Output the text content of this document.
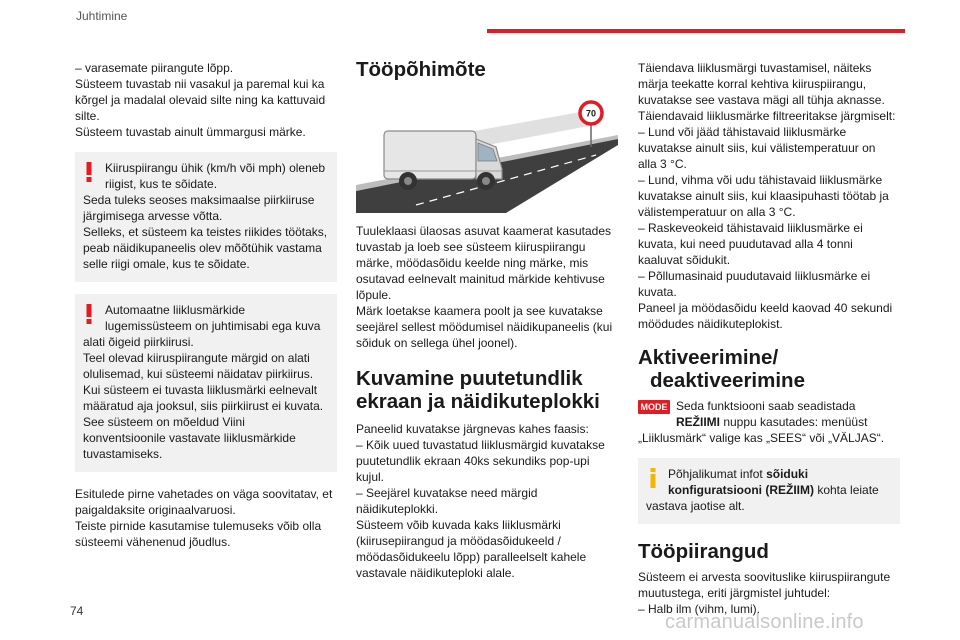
Juhtimine

– varasemate piirangute lõpp.

Süsteem tuvastab nii vasakul ja paremal kui ka

kõrgel ja madalal olevaid silte ning ka kattuvaid

silte.

Süsteem tuvastab ainult ümmargusi märke.

Kiiruspiirangu ühik (km/h või mph) oleneb

riigist, kus te sõidate.

Seda tuleks seoses maksimaalse piirkiiruse

järgimisega arvesse võtta.

Selleks, et süsteem ka teistes riikides töötaks,

peab näidikupaneelis olev mõõtühik vastama

selle riigi omale, kus te sõidate.

Automaatne liiklusmärkide

lugemissüsteem on juhtimisabi ega kuva

alati õigeid piirkiirusi.

Teel olevad kiiruspiirangute märgid on alati

olulisemad, kui süsteemi näidatav piirkiirus.

Kui süsteem ei tuvasta liiklusmärki eelnevalt

määratud aja jooksul, siis piirkiirust ei kuvata.

See süsteem on mõeldud Viini

konventsioonile vastavate liiklusmärkide

tuvastamiseks.

Esitulede pirne vahetades on väga soovitatav, et

paigaldaksite originaalvaruosi.

Teiste pirnide kasutamise tulemuseks võib olla

süsteemi vähenenud jõudlus.

Tööpõhimõte
70

Tuuleklaasi ülaosas asuvat kaamerat kasutades

tuvastab ja loeb see süsteem kiiruspiirangu

märke, möödasõidu keelde ning märke, mis

osutavad eelnevalt mainitud märkide kehtivuse

lõpule.

Märk loetakse kaamera poolt ja see kuvatakse

seejärel sellest möödumisel näidikupaneelis (kui

sõiduk on sellega ühel joonel).

Kuvamine puutetundlik
ekraan ja näidikuteplokki

Paneelid kuvatakse järgnevas kahes faasis:

– Kõik uued tuvastatud liiklusmärgid kuvatakse

puutetundlik ekraan 40ks sekundiks pop-upi

kujul.

– Seejärel kuvatakse need märgid

näidikuteplokki.

Süsteem võib kuvada kaks liiklusmärki

(kiirusepiirangud ja möödasõidukeeld /

möödasõidukeelu lõpp) paralleelselt kahele

vastavale näidikuteploki alale.

Täiendava liiklusmärgi tuvastamisel, näiteks

märja teekatte korral kehtiva kiiruspiirangu,

kuvatakse see vastava mägi all tühja aknasse.

Täiendavaid liiklusmärke filtreeritakse järgmiselt:

– Lund või jääd tähistavaid liiklusmärke

kuvatakse ainult siis, kui välistemperatuur on

alla 3 °C.

– Lund, vihma või udu tähistavaid liiklusmärke

kuvatakse ainult siis, kui klaasipuhasti töötab ja

välistemperatuur on alla 3 °C.

– Raskeveokeid tähistavaid liiklusmärke ei

kuvata, kui need puudutavad alla 4 tonni

kaaluvat sõidukit.

– Põllumasinaid puudutavaid liiklusmärke ei

kuvata.

Paneel ja möödasõidu keeld kaovad 40 sekundi

möödudes näidikuteplokist.

Aktiveerimine/
deaktiveerimine
MODE Seda funktsiooni saab seadistada

REŽIIMI nuppu kasutades: menüüst

„Liiklusmärk“ valige kas „SEES“ või „VÄLJAS“.

Põhjalikumat infot sõiduki

konfiguratsiooni (REŽIIM) kohta leiate

vastava jaotise alt.

Tööpiirangud

Süsteem ei arvesta soovituslike kiiruspiirangute

muutustega, eriti järgmistel juhtudel:

– Halb ilm (vihm, lumi).

74	carmanualsonline.info
